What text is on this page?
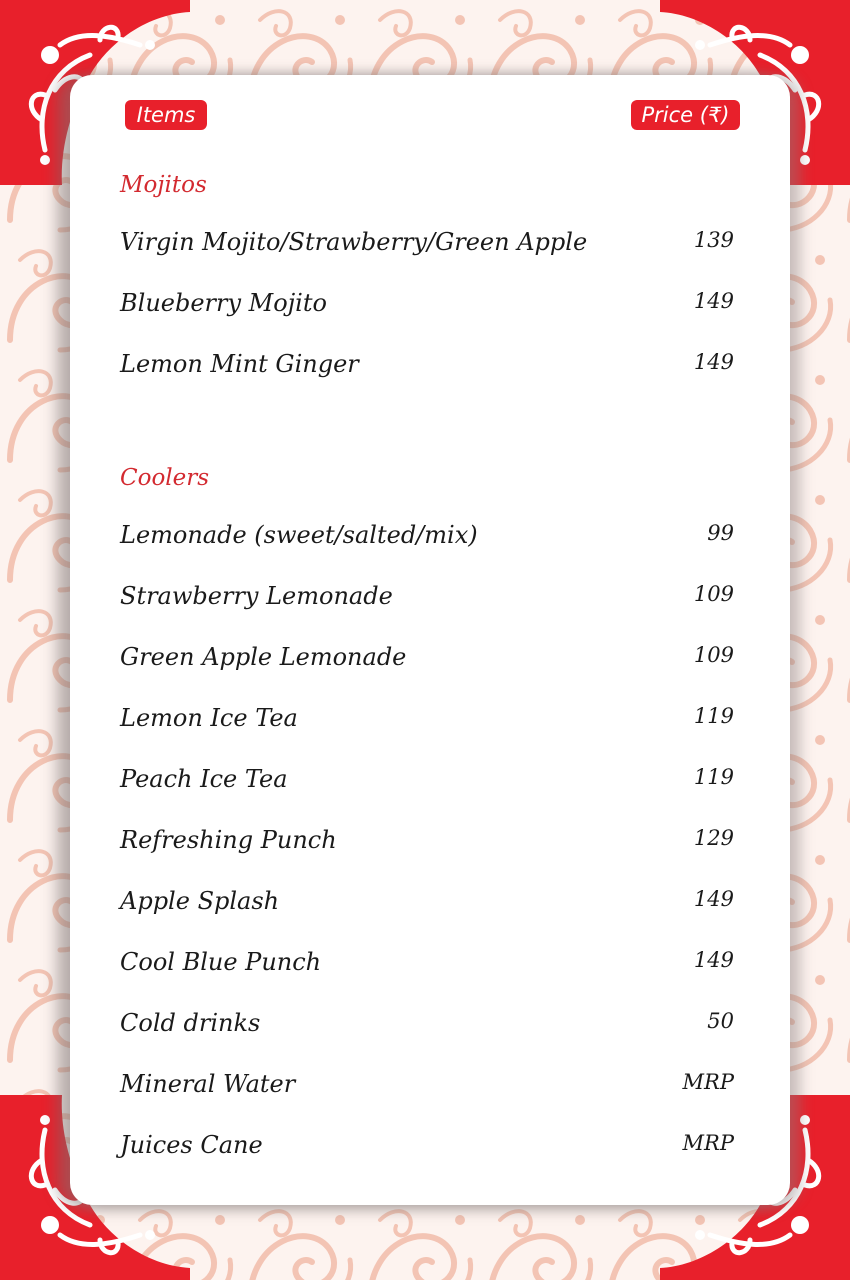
Items	Price (₹)
Mojitos
Virgin Mojito/Strawberry/Green Apple	139
Blueberry Mojito	149
Lemon Mint Ginger	149
Coolers
Lemonade (sweet/salted/mix)	99
Strawberry Lemonade	109
Green Apple Lemonade	109
Lemon Ice Tea	119
Peach Ice Tea	119
Refreshing Punch	129
Apple Splash	149
Cool Blue Punch	149
Cold drinks	50
Mineral Water	MRP
Juices Cane	MRP
